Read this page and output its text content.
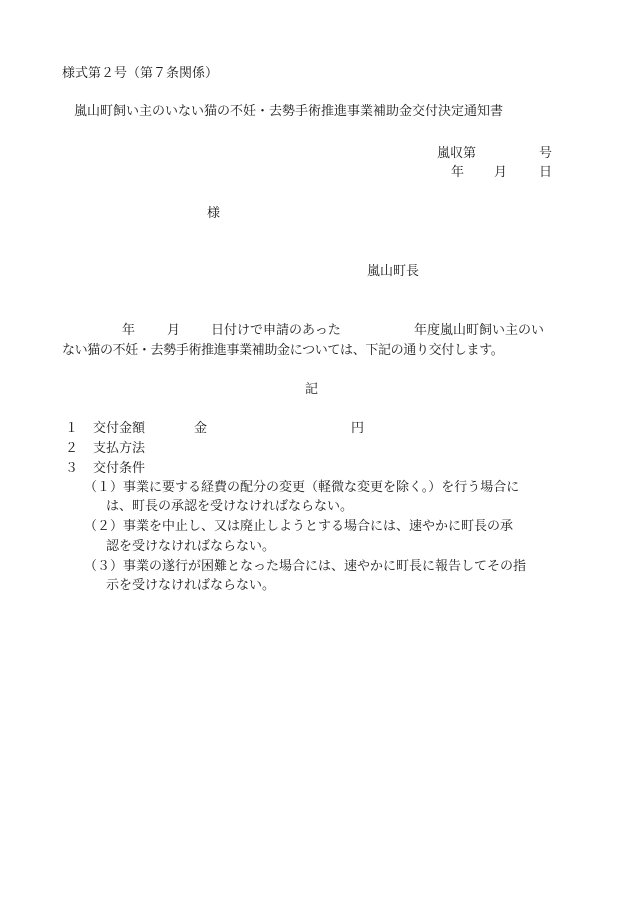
様式第２号（第７条関係）
嵐山町飼い主のいない猫の不妊・去勢手術推進事業補助金交付決定通知書
嵐収第	号
年 月 日
様
嵐山町長
年 月 日付けで申請のあった	年度嵐山町飼い主のい
ない猫の不妊・去勢手術推進事業補助金については、下記の通り交付します。
記
１ 交付金額	金	円
２ 支払方法
３ 交付条件
（１）事業に要する経費の配分の変更（軽微な変更を除く。）を行う場合に
は、町長の承認を受けなければならない。
（２）事業を中止し、又は廃止しようとする場合には、速やかに町長の承
認を受けなければならない。
（３）事業の遂行が困難となった場合には、速やかに町長に報告してその指
示を受けなければならない。
